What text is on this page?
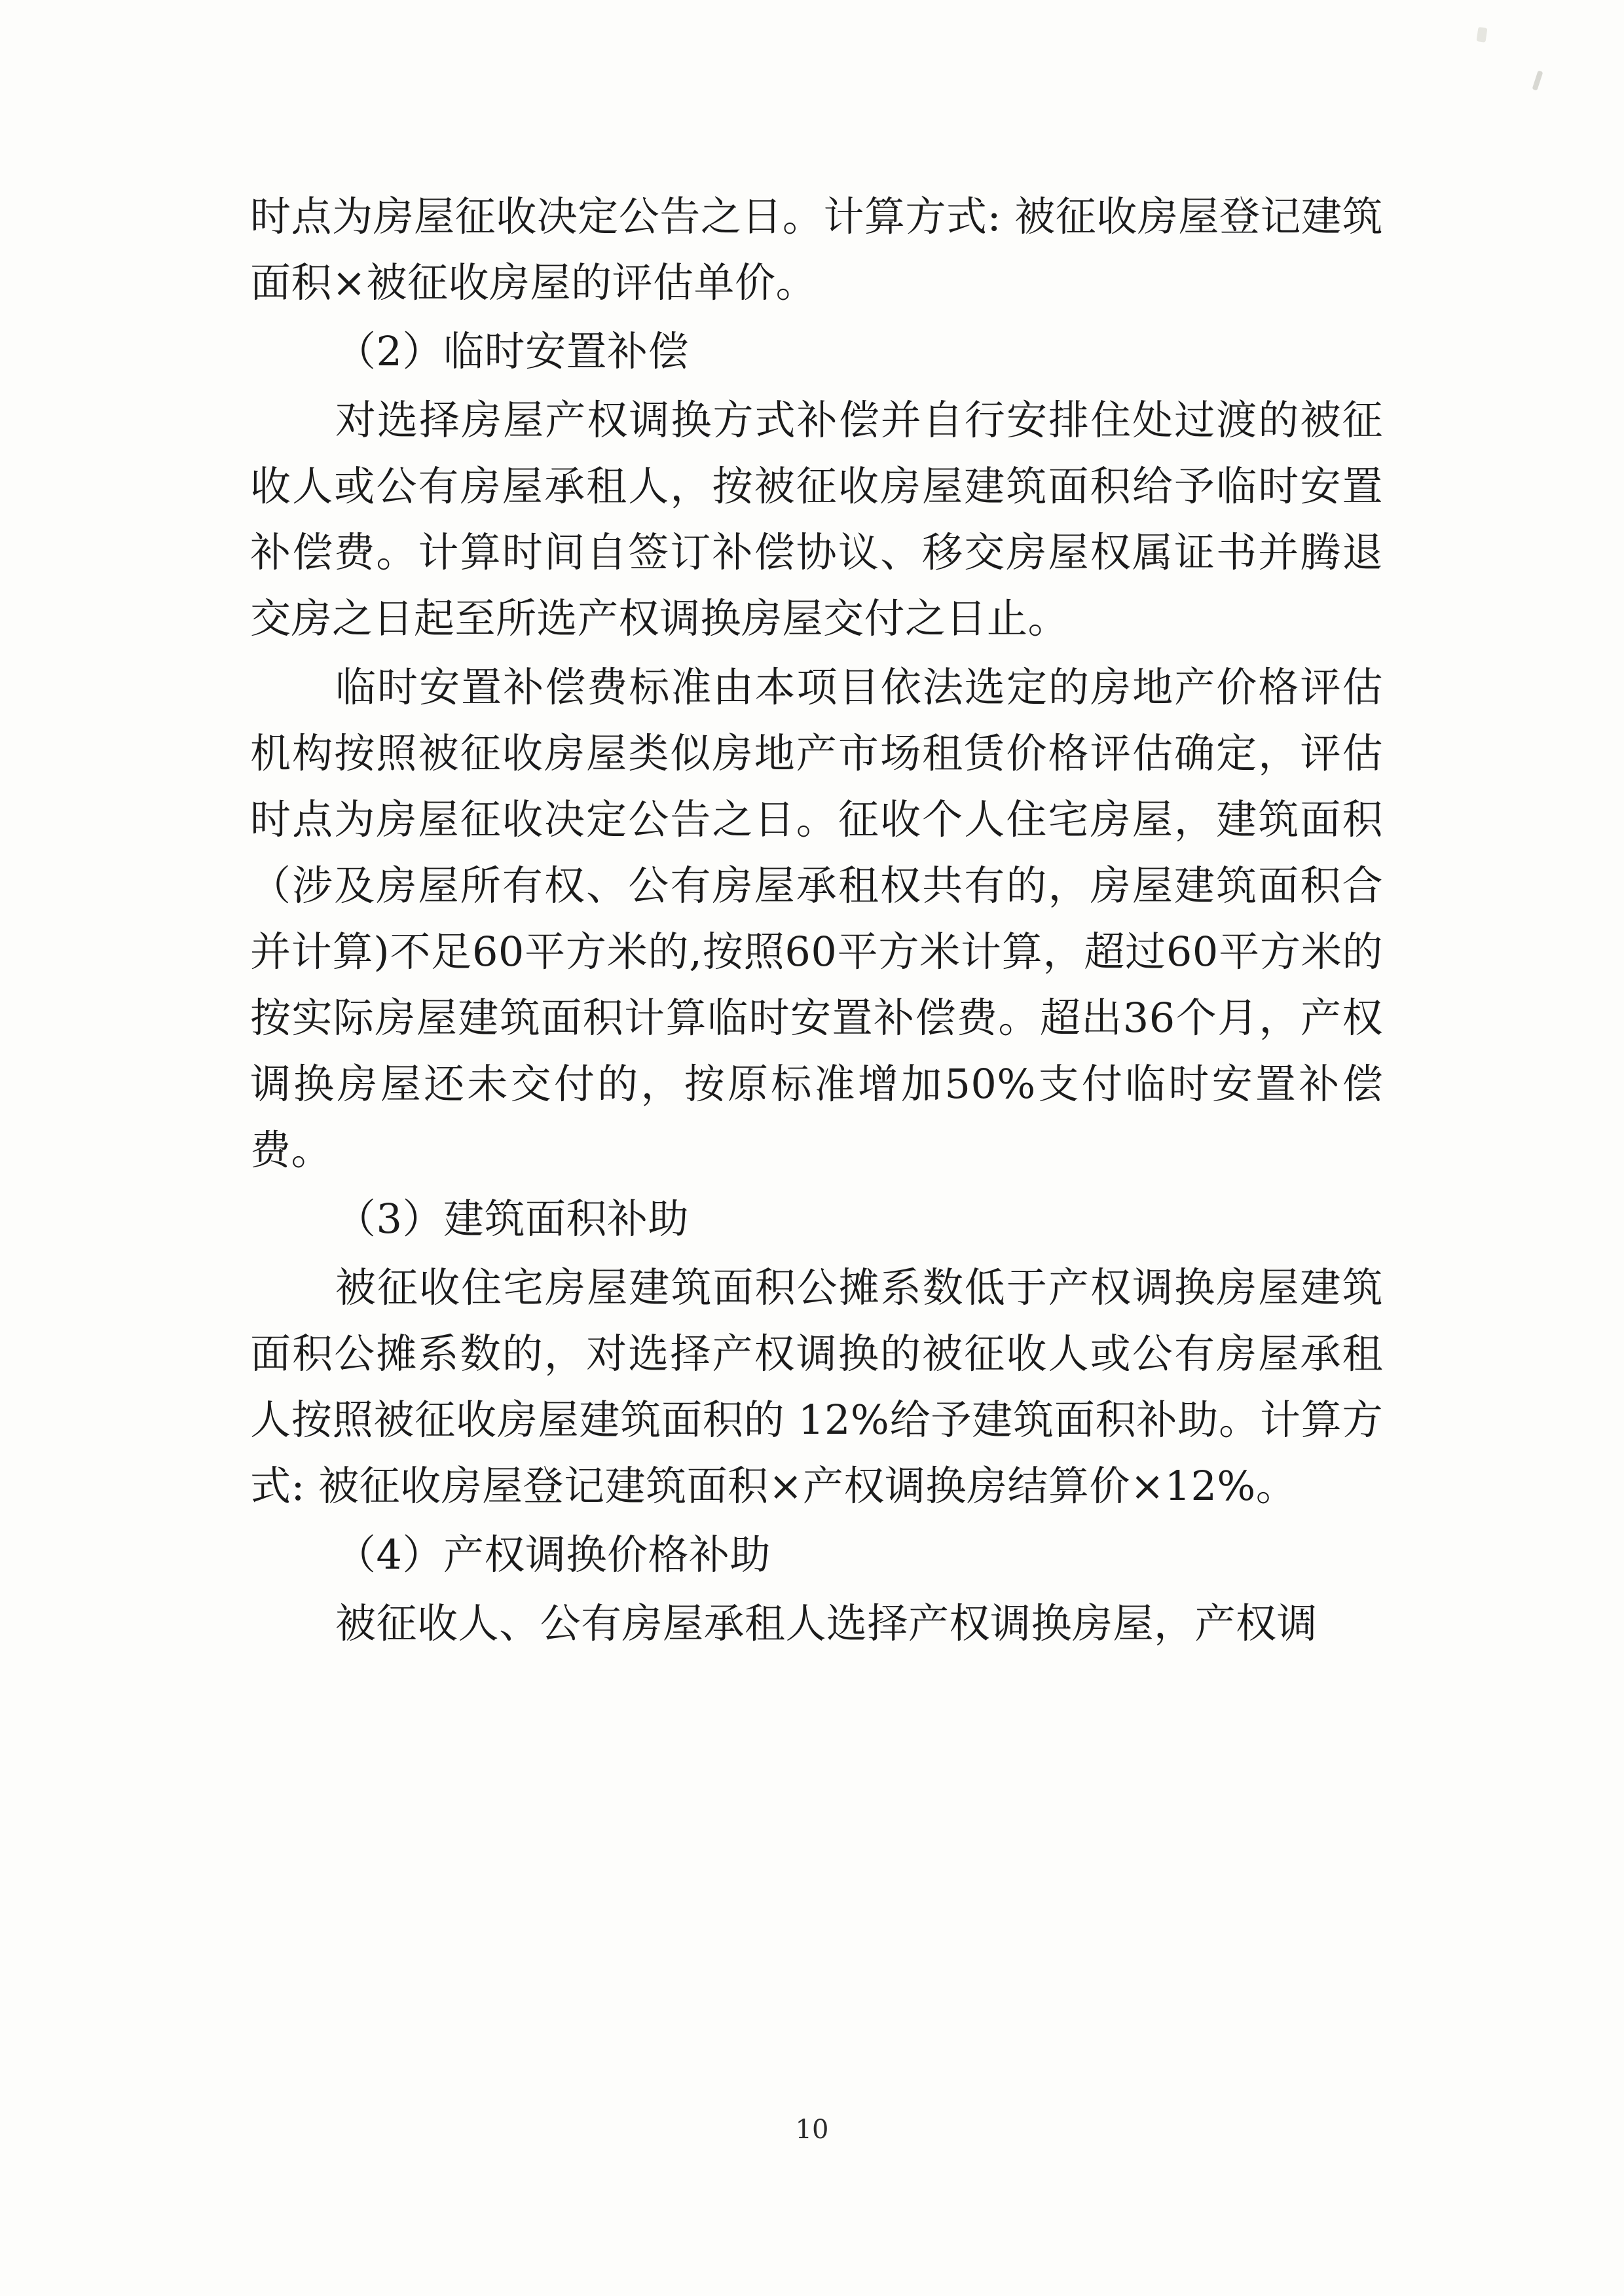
时点为房屋征收决定公告之日。计算方式: 被征收房屋登记建筑面积×被征收房屋的评估单价。

（2）临时安置补偿

对选择房屋产权调换方式补偿并自行安排住处过渡的被征收人或公有房屋承租人，按被征收房屋建筑面积给予临时安置补偿费。计算时间自签订补偿协议、移交房屋权属证书并腾退交房之日起至所选产权调换房屋交付之日止。

临时安置补偿费标准由本项目依法选定的房地产价格评估机构按照被征收房屋类似房地产市场租赁价格评估确定，评估时点为房屋征收决定公告之日。征收个人住宅房屋，建筑面积（涉及房屋所有权、公有房屋承租权共有的，房屋建筑面积合并计算)不足60平方米的,按照60平方米计算，超过60平方米的按实际房屋建筑面积计算临时安置补偿费。超出36个月，产权调换房屋还未交付的，按原标准增加50%支付临时安置补偿费。

（3）建筑面积补助

被征收住宅房屋建筑面积公摊系数低于产权调换房屋建筑面积公摊系数的，对选择产权调换的被征收人或公有房屋承租人按照被征收房屋建筑面积的 12%给予建筑面积补助。计算方式: 被征收房屋登记建筑面积×产权调换房结算价×12%。

（4）产权调换价格补助

被征收人、公有房屋承租人选择产权调换房屋，产权调

10
